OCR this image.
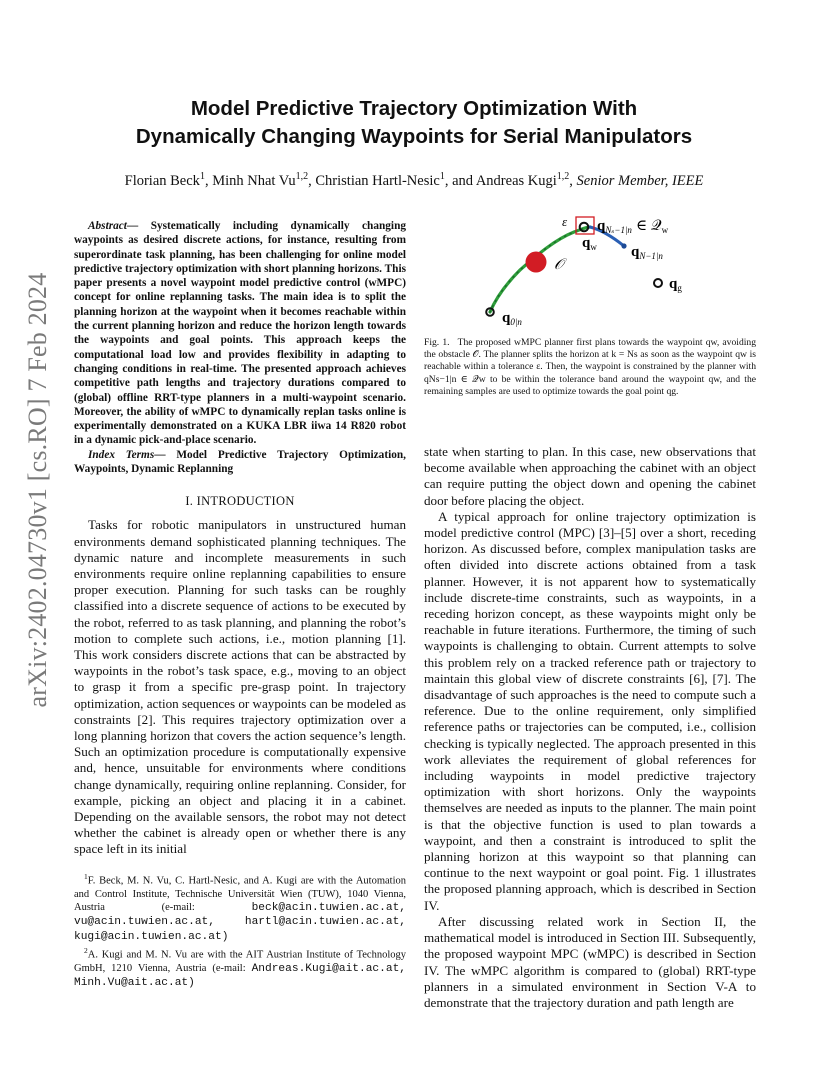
arXiv:2402.04730v1 [cs.RO] 7 Feb 2024
Model Predictive Trajectory Optimization With
Dynamically Changing Waypoints for Serial Manipulators
Florian Beck$^1$, Minh Nhat Vu$^{1,2}$, Christian Hartl-Nesic$^1$, and Andreas Kugi$^{1,2}$, Senior Member, IEEE

Abstract— Systematically including dynamically changing waypoints as desired discrete actions, for instance, resulting from superordinate task planning, has been challenging for online model predictive trajectory optimization with short planning horizons. This paper presents a novel waypoint model predictive control (wMPC) concept for online replanning tasks. The main idea is to split the planning horizon at the waypoint when it becomes reachable within the current planning horizon and reduce the horizon length towards the waypoints and goal points. This approach keeps the computational load low and provides flexibility in adapting to changing conditions in real-time. The presented approach achieves competitive path lengths and trajectory durations compared to (global) offline RRT-type planners in a multi-waypoint scenario. Moreover, the ability of wMPC to dynamically replan tasks online is experimentally demonstrated on a KUKA LBR iiwa 14 R820 robot in a dynamic pick-and-place scenario.

Index Terms— Model Predictive Trajectory Optimization, Waypoints, Dynamic Replanning

I. INTRODUCTION

Tasks for robotic manipulators in unstructured human environments demand sophisticated planning techniques. The dynamic nature and incomplete measurements in such environments require online replanning capabilities to ensure proper execution. Planning for such tasks can be roughly classified into a discrete sequence of actions to be executed by the robot, referred to as task planning, and planning the robot’s motion to complete such actions, i.e., motion planning [1]. This work considers discrete actions that can be abstracted by waypoints in the robot’s task space, e.g., moving to an object to grasp it from a specific pre-grasp point. In trajectory optimization, action sequences or waypoints can be modeled as constraints [2]. This requires trajectory optimization over a long planning horizon that covers the action sequence’s length. Such an optimization procedure is computationally expensive and, hence, unsuitable for environments where conditions change dynamically, requiring online replanning. Consider, for example, picking an object and placing it in a cabinet. Depending on the available sensors, the robot may not detect whether the cabinet is already open or whether there is any space left in its initial

$^1$F. Beck, M. N. Vu, C. Hartl-Nesic, and A. Kugi are with the Automation and Control Institute, Technische Universität Wien (TUW), 1040 Vienna, Austria (e-mail:	beck@acin.tuwien.ac.at, vu@acin.tuwien.ac.at, hartl@acin.tuwien.ac.at, kugi@acin.tuwien.ac.at)

$^2$A. Kugi and M. N. Vu are with the AIT Austrian Institute of Technology GmbH, 1210 Vienna, Austria (e-mail: Andreas.Kugi@ait.ac.at, Minh.Vu@ait.ac.at)

𝒪
ε $q_{N_s-1|n}$ ∈ 𝒬$_w$
$q_w$ $q_{N-1|n}$
$q_g$
$q_{0|n}$
Fig. 1. The proposed wMPC planner first plans towards the waypoint qw, avoiding the obstacle 𝒪. The planner splits the horizon at k = Ns as soon as the waypoint qw is reachable within a tolerance ε. Then, the waypoint is constrained by the planner with qNs−1|n ∈ 𝒬w to be within the tolerance band around the waypoint qw, and the remaining samples are used to optimize towards the goal point qg.

state when starting to plan. In this case, new observations that become available when approaching the cabinet with an object can require putting the object down and opening the cabinet door before placing the object.

A typical approach for online trajectory optimization is model predictive control (MPC) [3]–[5] over a short, receding horizon. As discussed before, complex manipulation tasks are often divided into discrete actions obtained from a task planner. However, it is not apparent how to systematically include discrete-time constraints, such as waypoints, in a receding horizon concept, as these waypoints might only be reachable in future iterations. Furthermore, the timing of such waypoints is challenging to obtain. Current attempts to solve this problem rely on a tracked reference path or trajectory to maintain this global view of discrete constraints [6], [7]. The disadvantage of such approaches is the need to compute such a reference. Due to the online requirement, only simplified reference paths or trajectories can be computed, i.e., collision checking is typically neglected. The approach presented in this work alleviates the requirement of global references for including waypoints in model predictive trajectory optimization with short horizons. Only the waypoints themselves are needed as inputs to the planner. The main point is that the objective function is used to plan towards a waypoint, and then a constraint is introduced to split the planning horizon at this waypoint so that planning can continue to the next waypoint or goal point. Fig. 1 illustrates the proposed planning approach, which is described in Section IV.

After discussing related work in Section II, the mathematical model is introduced in Section III. Subsequently, the proposed waypoint MPC (wMPC) is described in Section IV. The wMPC algorithm is compared to (global) RRT-type planners in a simulated environment in Section V-A to demonstrate that the trajectory duration and path length are
